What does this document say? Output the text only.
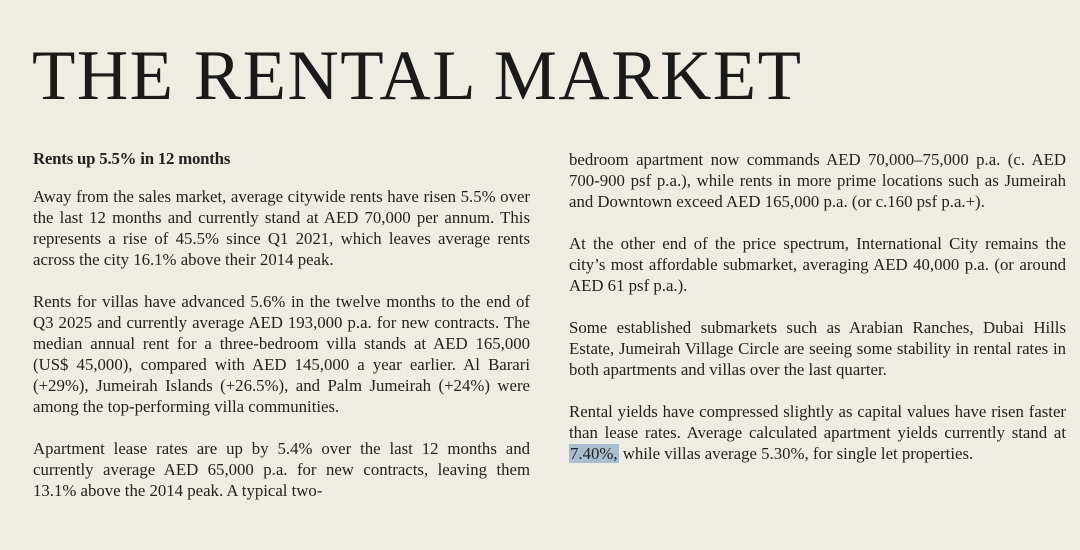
THE RENTAL MARKET
Rents up 5.5% in 12 months

Away from the sales market, average citywide rents have risen 5.5% over the last 12 months and currently stand at AED 70,000 per annum. This represents a rise of 45.5% since Q1 2021, which leaves average rents across the city 16.1% above their 2014 peak.

Rents for villas have advanced 5.6% in the twelve months to the end of Q3 2025 and currently average AED 193,000 p.a. for new contracts. The median annual rent for a three-bedroom villa stands at AED 165,000 (US$ 45,000), compared with AED 145,000 a year earlier. Al Barari (+29%), Jumeirah Islands (+26.5%), and Palm Jumeirah (+24%) were among the top-performing villa communities.

Apartment lease rates are up by 5.4% over the last 12 months and currently average AED 65,000 p.a. for new contracts, leaving them 13.1% above the 2014 peak. A typical two-

bedroom apartment now commands AED 70,000–75,000 p.a. (c. AED 700-900 psf p.a.), while rents in more prime locations such as Jumeirah and Downtown exceed AED 165,000 p.a. (or c.160 psf p.a.+).

At the other end of the price spectrum, International City remains the city’s most affordable submarket, averaging AED 40,000 p.a. (or around AED 61 psf p.a.).

Some established submarkets such as Arabian Ranches, Dubai Hills Estate, Jumeirah Village Circle are seeing some stability in rental rates in both apartments and villas over the last quarter.

Rental yields have compressed slightly as capital values have risen faster than lease rates. Average calculated apartment yields currently stand at 7.40%, while villas average 5.30%, for single let properties.
